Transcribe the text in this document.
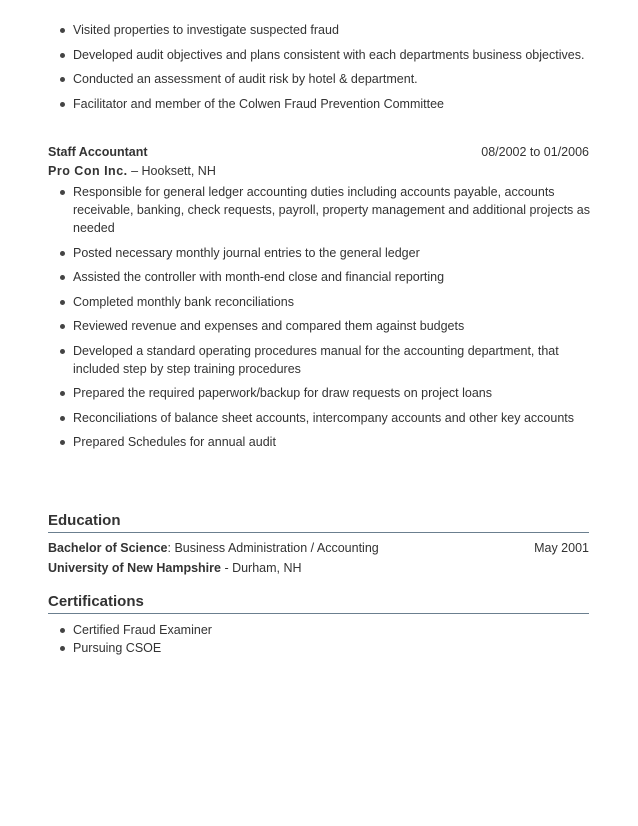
Visited properties to investigate suspected fraud
Developed audit objectives and plans consistent with each departments business objectives.
Conducted an assessment of audit risk by hotel & department.
Facilitator and member of the Colwen Fraud Prevention Committee
Staff Accountant	08/2002 to 01/2006
Pro Con Inc. – Hooksett, NH
Responsible for general ledger accounting duties including accounts payable, accounts receivable, banking, check requests, payroll, property management and additional projects as needed
Posted necessary monthly journal entries to the general ledger
Assisted the controller with month-end close and financial reporting
Completed monthly bank reconciliations
Reviewed revenue and expenses and compared them against budgets
Developed a standard operating procedures manual for the accounting department, that included step by step training procedures
Prepared the required paperwork/backup for draw requests on project loans
Reconciliations of balance sheet accounts, intercompany accounts and other key accounts
Prepared Schedules for annual audit
Education
Bachelor of Science: Business Administration / Accounting	May 2001
University of New Hampshire - Durham, NH
Certifications
Certified Fraud Examiner
Pursuing CSOE
